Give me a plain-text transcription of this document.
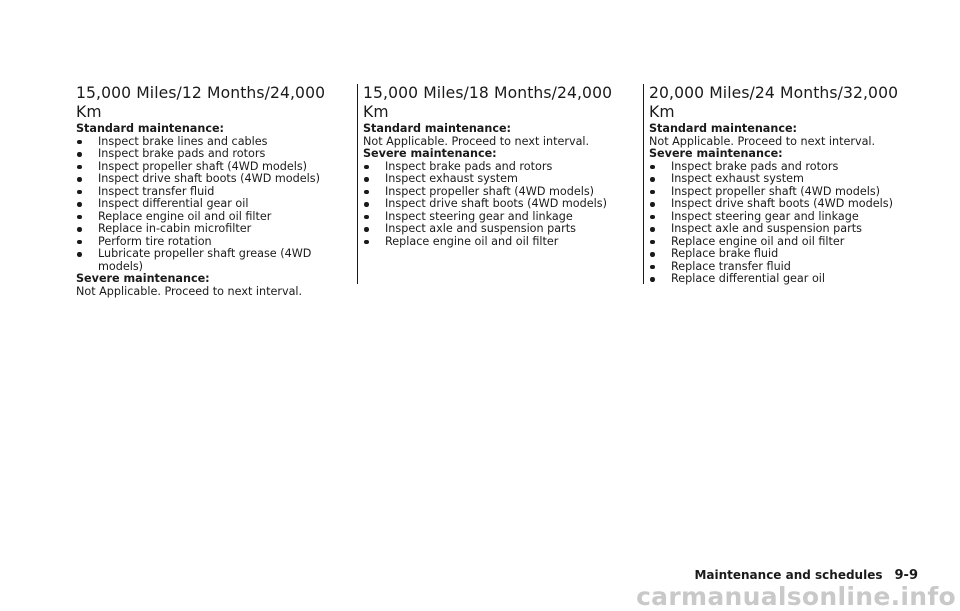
15,000 Miles/12 Months/24,000 Km
Standard maintenance:
Inspect brake lines and cables
Inspect brake pads and rotors
Inspect propeller shaft (4WD models)
Inspect drive shaft boots (4WD models)
Inspect transfer fluid
Inspect differential gear oil
Replace engine oil and oil filter
Replace in-cabin microfilter
Perform tire rotation
Lubricate propeller shaft grease (4WD models)
Severe maintenance:
Not Applicable. Proceed to next interval.
15,000 Miles/18 Months/24,000 Km
Standard maintenance:
Not Applicable. Proceed to next interval.
Severe maintenance:
Inspect brake pads and rotors
Inspect exhaust system
Inspect propeller shaft (4WD models)
Inspect drive shaft boots (4WD models)
Inspect steering gear and linkage
Inspect axle and suspension parts
Replace engine oil and oil filter
20,000 Miles/24 Months/32,000 Km
Standard maintenance:
Not Applicable. Proceed to next interval.
Severe maintenance:
Inspect brake pads and rotors
Inspect exhaust system
Inspect propeller shaft (4WD models)
Inspect drive shaft boots (4WD models)
Inspect steering gear and linkage
Inspect axle and suspension parts
Replace engine oil and oil filter
Replace brake fluid
Replace transfer fluid
Replace differential gear oil
Maintenance and schedules 9-9
carmanualsonline.info
